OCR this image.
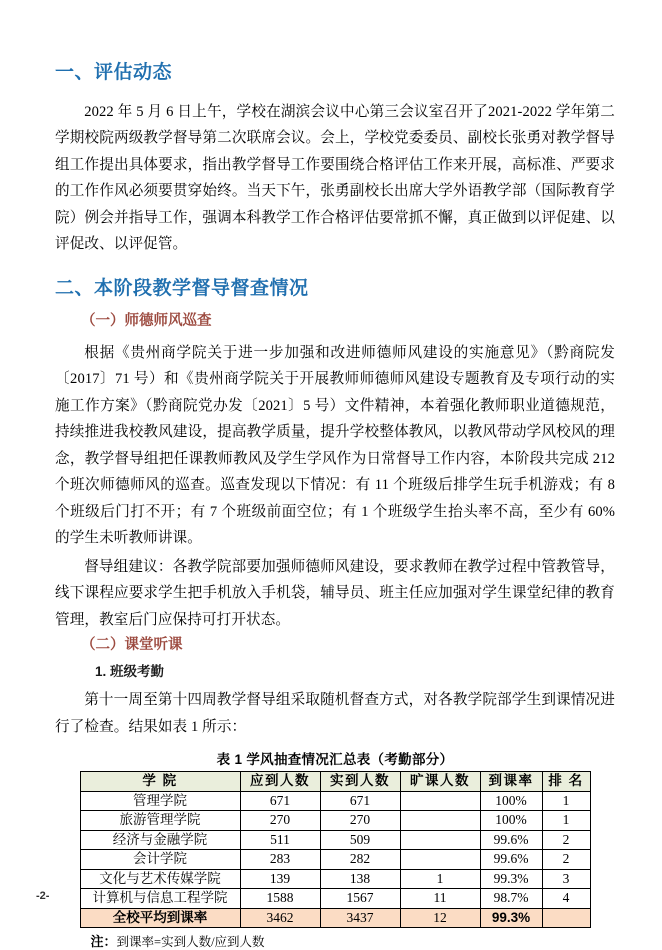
一、评估动态

2022 年 5 月 6 日上午，学校在湖滨会议中心第三会议室召开了2021-2022 学年第二学期校院两级教学督导第二次联席会议。会上，学校党委委员、副校长张勇对教学督导组工作提出具体要求，指出教学督导工作要围绕合格评估工作来开展，高标准、严要求的工作作风必须要贯穿始终。当天下午，张勇副校长出席大学外语教学部（国际教育学院）例会并指导工作，强调本科教学工作合格评估要常抓不懈，真正做到以评促建、以评促改、以评促管。

二、本阶段教学督导督查情况
（一）师德师风巡查

根据《贵州商学院关于进一步加强和改进师德师风建设的实施意见》（黔商院发〔2017〕71 号）和《贵州商学院关于开展教师师德师风建设专题教育及专项行动的实施工作方案》（黔商院党办发〔2021〕5 号）文件精神，本着强化教师职业道德规范，持续推进我校教风建设，提高教学质量，提升学校整体教风，以教风带动学风校风的理念，教学督导组把任课教师教风及学生学风作为日常督导工作内容，本阶段共完成 212 个班次师德师风的巡查。巡查发现以下情况：有 11 个班级后排学生玩手机游戏；有 8 个班级后门打不开；有 7 个班级前面空位；有 1 个班级学生抬头率不高，至少有 60%的学生未听教师讲课。

督导组建议：各教学院部要加强师德师风建设，要求教师在教学过程中管教管导，线下课程应要求学生把手机放入手机袋，辅导员、班主任应加强对学生课堂纪律的教育管理，教室后门应保持可打开状态。

（二）课堂听课
1. 班级考勤

第十一周至第十四周教学督导组采取随机督查方式，对各教学院部学生到课情况进行了检查。结果如表 1 所示：

表 1 学风抽查情况汇总表（考勤部分）
学 院	应到人数	实到人数	旷课人数	到课率	排 名
管理学院	671	671		100%	1
旅游管理学院	270	270		100%	1
经济与金融学院	511	509		99.6%	2
会计学院	283	282		99.6%	2
文化与艺术传媒学院	139	138	1	99.3%	3
计算机与信息工程学院	1588	1567	11	98.7%	4
全校平均到课率	3462	3437	12	99.3%	
注：到课率=实到人数/应到人数
-2-
